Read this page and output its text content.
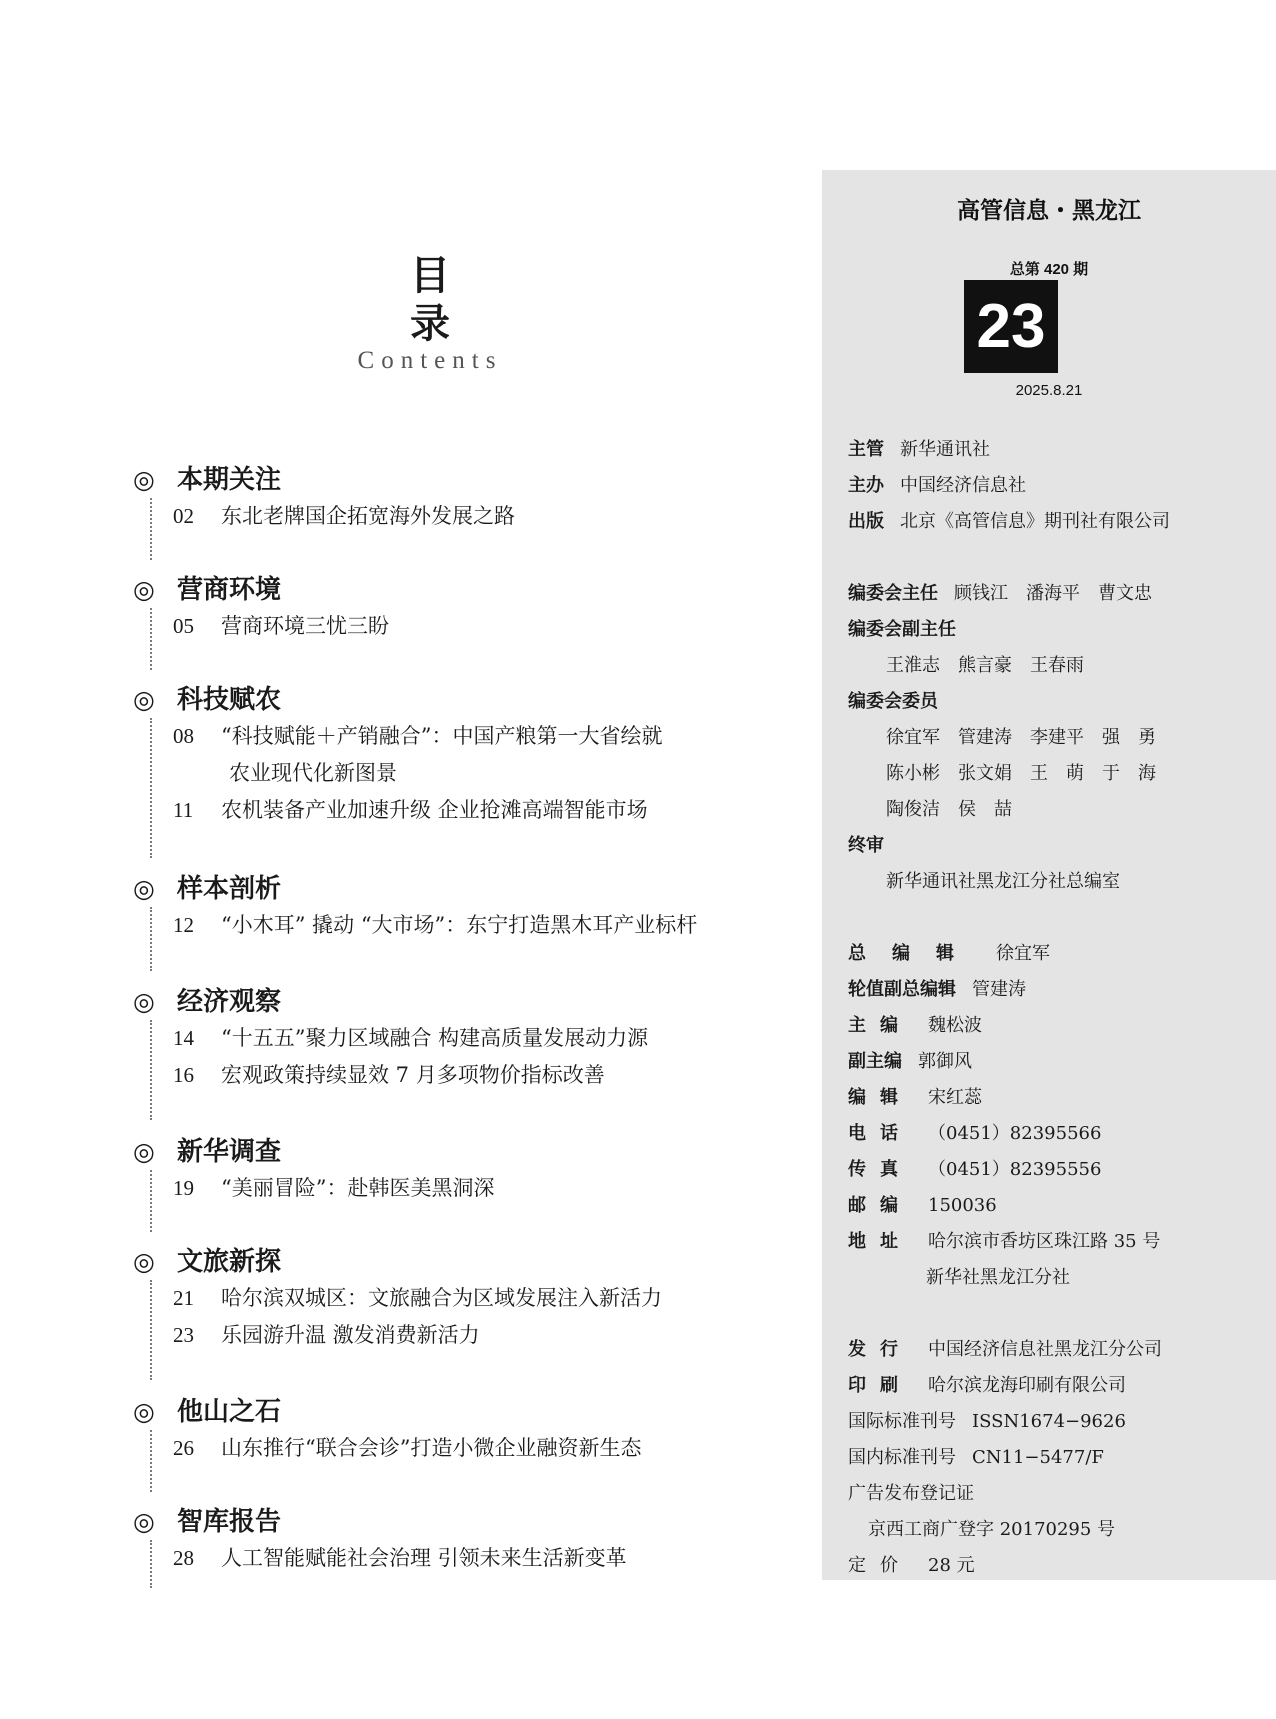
目 录
Contents
◎ 本期关注
02	东北老牌国企拓宽海外发展之路
◎ 营商环境
05	营商环境三忧三盼
◎ 科技赋农
08	“科技赋能＋产销融合”：中国产粮第一大省绘就
农业现代化新图景
11	农机装备产业加速升级 企业抢滩高端智能市场
◎ 样本剖析
12	“小木耳” 撬动 “大市场”：东宁打造黑木耳产业标杆
◎ 经济观察
14	“十五五”聚力区域融合 构建高质量发展动力源
16	宏观政策持续显效 7 月多项物价指标改善
◎ 新华调查
19	“美丽冒险”：赴韩医美黑洞深
◎ 文旅新探
21	哈尔滨双城区：文旅融合为区域发展注入新活力
23	乐园游升温 激发消费新活力
◎ 他山之石
26	山东推行“联合会诊”打造小微企业融资新生态
◎ 智库报告
28	人工智能赋能社会治理 引领未来生活新变革
高管信息・黑龙江
总第 420 期
23
2025.8.21
主管 新华通讯社
主办 中国经济信息社
出版 北京《高管信息》期刊社有限公司
编委会主任 顾钱江　潘海平　曹文忠
编委会副主任
王淮志　熊言豪　王春雨
编委会委员
徐宜军　管建涛　李建平　强　勇
陈小彬　张文娟　王　萌　于　海
陶俊洁　侯　喆
终审
新华通讯社黑龙江分社总编室
总编辑 徐宜军
轮值副总编辑 管建涛
主编 魏松波
副主编 郭御风
编辑 宋红蕊
电话 （0451）82395566
传真 （0451）82395556
邮编 150036
地址 哈尔滨市香坊区珠江路 35 号
新华社黑龙江分社
发行 中国经济信息社黑龙江分公司
印刷 哈尔滨龙海印刷有限公司
国际标准刊号 ISSN1674−9626
国内标准刊号 CN11−5477/F
广告发布登记证
京西工商广登字 20170295 号
定价 28 元
